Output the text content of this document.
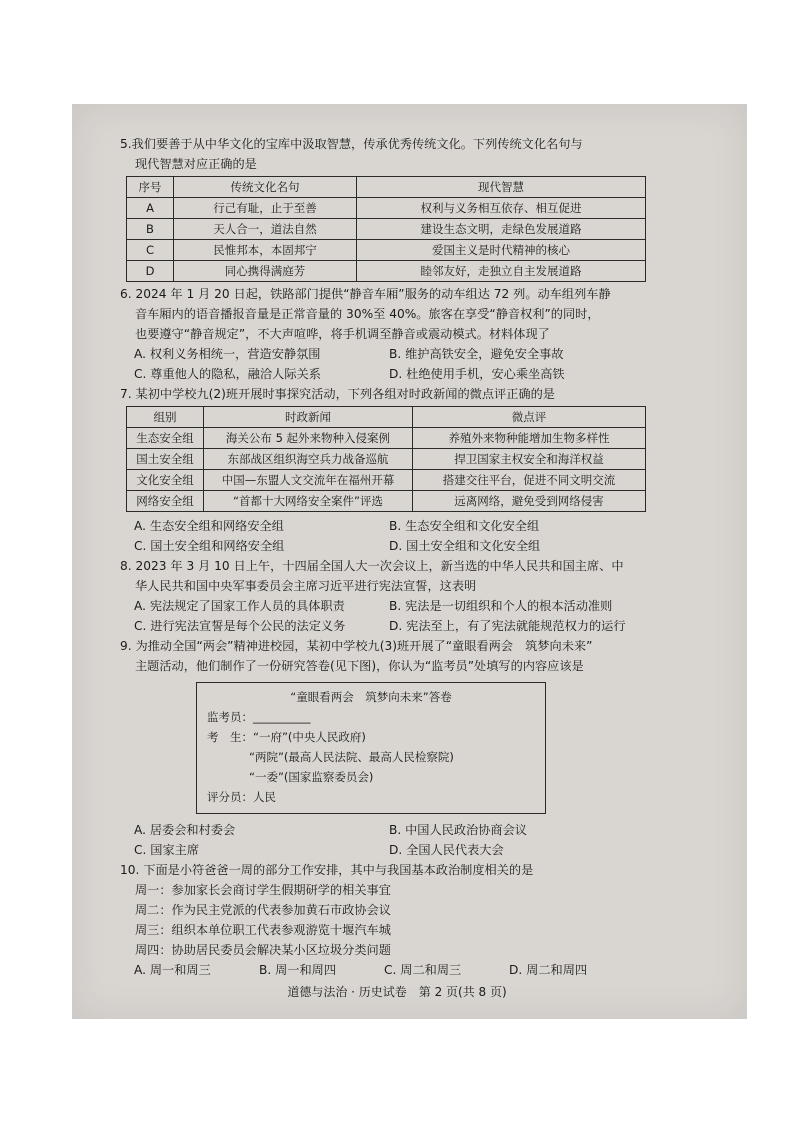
5.我们要善于从中华文化的宝库中汲取智慧，传承优秀传统文化。下列传统文化名句与
现代智慧对应正确的是
序号	传统文化名句	现代智慧
A	行己有耻，止于至善	权利与义务相互依存、相互促进
B	天人合一，道法自然	建设生态文明，走绿色发展道路
C	民惟邦本，本固邦宁	爱国主义是时代精神的核心
D	同心携得满庭芳	睦邻友好，走独立自主发展道路
6. 2024 年 1 月 20 日起，铁路部门提供“静音车厢”服务的动车组达 72 列。动车组列车静
音车厢内的语音播报音量是正常音量的 30%至 40%。旅客在享受“静音权利”的同时，
也要遵守“静音规定”，不大声喧哗，将手机调至静音或震动模式。材料体现了
A. 权利义务相统一，营造安静氛围	B. 维护高铁安全，避免安全事故
C. 尊重他人的隐私，融洽人际关系	D. 杜绝使用手机，安心乘坐高铁
7. 某初中学校九(2)班开展时事探究活动，下列各组对时政新闻的微点评正确的是
组别	时政新闻	微点评
生态安全组	海关公布 5 起外来物种入侵案例	养殖外来物种能增加生物多样性
国土安全组	东部战区组织海空兵力战备巡航	捍卫国家主权安全和海洋权益
文化安全组	中国—东盟人文交流年在福州开幕	搭建交往平台，促进不同文明交流
网络安全组	“首都十大网络安全案件”评选	远离网络，避免受到网络侵害
A. 生态安全组和网络安全组	B. 生态安全组和文化安全组
C. 国土安全组和网络安全组	D. 国土安全组和文化安全组
8. 2023 年 3 月 10 日上午，十四届全国人大一次会议上，新当选的中华人民共和国主席、中
华人民共和国中央军事委员会主席习近平进行宪法宣誓，这表明
A. 宪法规定了国家工作人员的具体职责	B. 宪法是一切组织和个人的根本活动准则
C. 进行宪法宣誓是每个公民的法定义务	D. 宪法至上，有了宪法就能规范权力的运行
9. 为推动全国“两会”精神进校园，某初中学校九(3)班开展了“童眼看两会　筑梦向未来”
主题活动，他们制作了一份研究答卷(见下图)，你认为“监考员”处填写的内容应该是
“童眼看两会　筑梦向未来”答卷
监考员：__________
考　生：“一府”(中央人民政府)
“两院”(最高人民法院、最高人民检察院)
“一委”(国家监察委员会)
评分员：人民
A. 居委会和村委会	B. 中国人民政治协商会议
C. 国家主席	D. 全国人民代表大会
10. 下面是小符爸爸一周的部分工作安排，其中与我国基本政治制度相关的是
周一：参加家长会商讨学生假期研学的相关事宜
周二：作为民主党派的代表参加黄石市政协会议
周三：组织本单位职工代表参观游览十堰汽车城
周四：协助居民委员会解决某小区垃圾分类问题
A. 周一和周三	B. 周一和周四	C. 周二和周三	D. 周二和周四
道德与法治 · 历史试卷　第 2 页(共 8 页)
